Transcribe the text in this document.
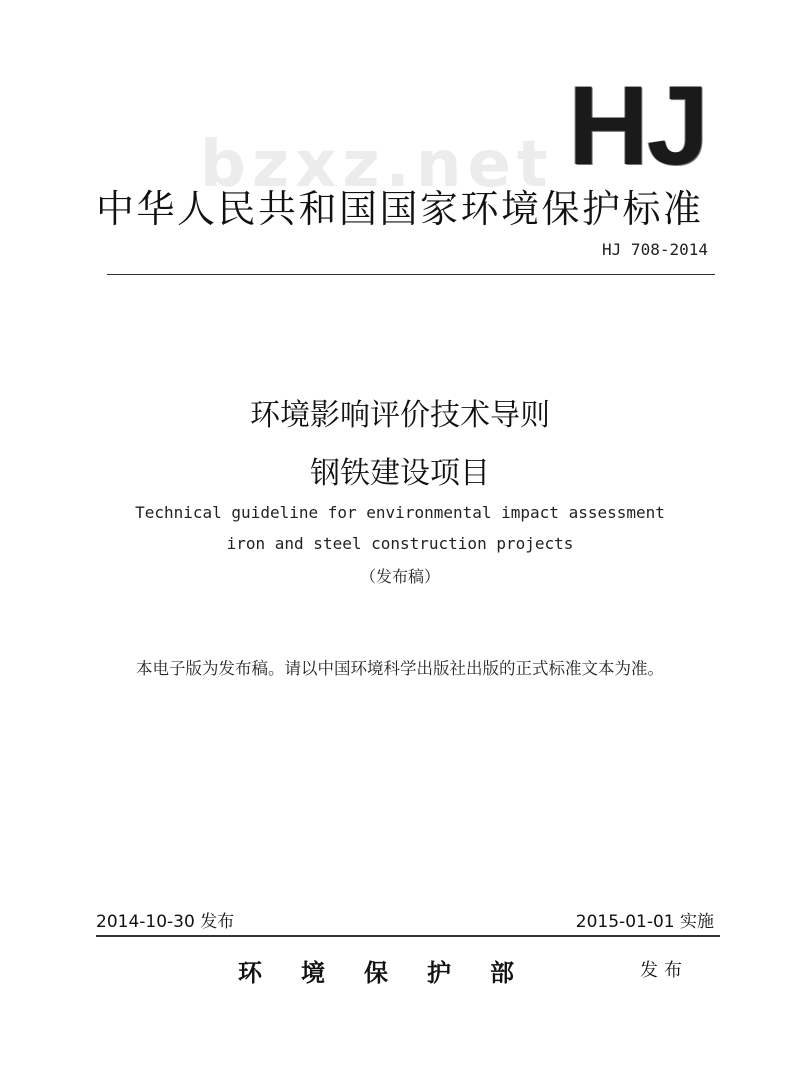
bzxz.net HJ
中华人民共和国国家环境保护标准
HJ 708-2014
环境影响评价技术导则
钢铁建设项目
Technical guideline for environmental impact assessment
iron and steel construction projects
（发布稿）
本电子版为发布稿。请以中国环境科学出版社出版的正式标准文本为准。
2014-10-30 发布	2015-01-01 实施
环境保护部	发布
